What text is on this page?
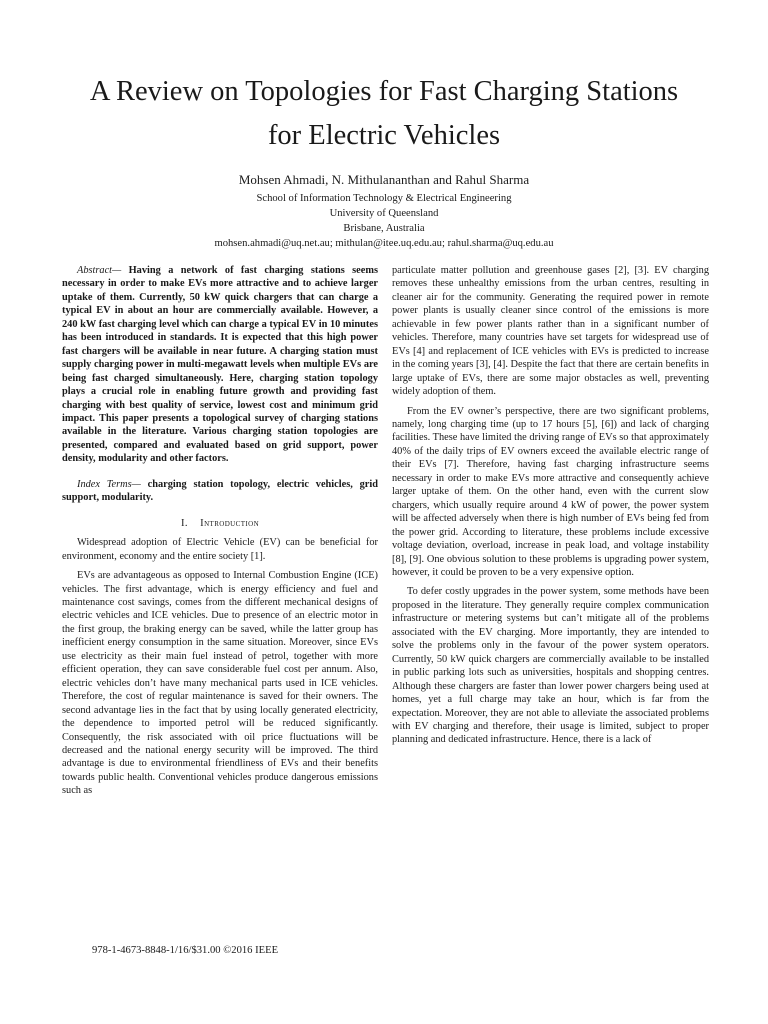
A Review on Topologies for Fast Charging Stations
for Electric Vehicles
Mohsen Ahmadi, N. Mithulananthan and Rahul Sharma
School of Information Technology & Electrical Engineering
University of Queensland
Brisbane, Australia
mohsen.ahmadi@uq.net.au; mithulan@itee.uq.edu.au; rahul.sharma@uq.edu.au

Abstract— Having a network of fast charging stations seems necessary in order to make EVs more attractive and to achieve larger uptake of them. Currently, 50 kW quick chargers that can charge a typical EV in about an hour are commercially available. However, a 240 kW fast charging level which can charge a typical EV in 10 minutes has been introduced in standards. It is expected that this high power fast chargers will be available in near future. A charging station must supply charging power in multi-megawatt levels when multiple EVs are being fast charged simultaneously. Here, charging station topology plays a crucial role in enabling future growth and providing fast charging with best quality of service, lowest cost and minimum grid impact. This paper presents a topological survey of charging stations available in the literature. Various charging station topologies are presented, compared and evaluated based on grid support, power density, modularity and other factors.

Index Terms— charging station topology, electric vehicles, grid support, modularity.

I. Introduction

Widespread adoption of Electric Vehicle (EV) can be beneficial for environment, economy and the entire society [1].

EVs are advantageous as opposed to Internal Combustion Engine (ICE) vehicles. The first advantage, which is energy efficiency and fuel and maintenance cost savings, comes from the different mechanical designs of electric vehicles and ICE vehicles. Due to presence of an electric motor in the first group, the braking energy can be saved, while the latter group has inefficient energy consumption in the same situation. Moreover, since EVs use electricity as their main fuel instead of petrol, together with more efficient operation, they can save considerable fuel cost per annum. Also, electric vehicles don’t have many mechanical parts used in ICE vehicles. Therefore, the cost of regular maintenance is saved for their owners. The second advantage lies in the fact that by using locally generated electricity, the dependence to imported petrol will be reduced significantly. Consequently, the risk associated with oil price fluctuations will be decreased and the national energy security will be improved. The third advantage is due to environmental friendliness of EVs and their benefits towards public health. Conventional vehicles produce dangerous emissions such as

particulate matter pollution and greenhouse gases [2], [3]. EV charging removes these unhealthy emissions from the urban centres, resulting in cleaner air for the community. Generating the required power in remote power plants is usually cleaner since control of the emissions is more achievable in few power plants rather than in a significant number of vehicles. Therefore, many countries have set targets for widespread use of EVs [4] and replacement of ICE vehicles with EVs is predicted to increase in the coming years [3], [4]. Despite the fact that there are certain benefits in large uptake of EVs, there are some major obstacles as well, preventing widely adoption of them.

From the EV owner’s perspective, there are two significant problems, namely, long charging time (up to 17 hours [5], [6]) and lack of charging facilities. These have limited the driving range of EVs so that approximately 40% of the daily trips of EV owners exceed the available electric range of their EVs [7]. Therefore, having fast charging infrastructure seems necessary in order to make EVs more attractive and consequently achieve larger uptake of them. On the other hand, even with the current slow chargers, which usually require around 4 kW of power, the power system will be affected adversely when there is high number of EVs being fed from the power grid. According to literature, these problems include excessive voltage deviation, overload, increase in peak load, and voltage instability [8], [9]. One obvious solution to these problems is upgrading power system, however, it could be proven to be a very expensive option.

To defer costly upgrades in the power system, some methods have been proposed in the literature. They generally require complex communication infrastructure or metering systems but can’t mitigate all of the problems associated with the EV charging. More importantly, they are intended to solve the problems only in the favour of the power system operators. Currently, 50 kW quick chargers are commercially available to be installed in public parking lots such as universities, hospitals and shopping centres. Although these chargers are faster than lower power chargers being used at homes, yet a full charge may take an hour, which is far from the expectation. Moreover, they are not able to alleviate the associated problems with EV charging and therefore, their usage is limited, subject to proper planning and dedicated infrastructure. Hence, there is a lack of

978-1-4673-8848-1/16/$31.00 ©2016 IEEE
